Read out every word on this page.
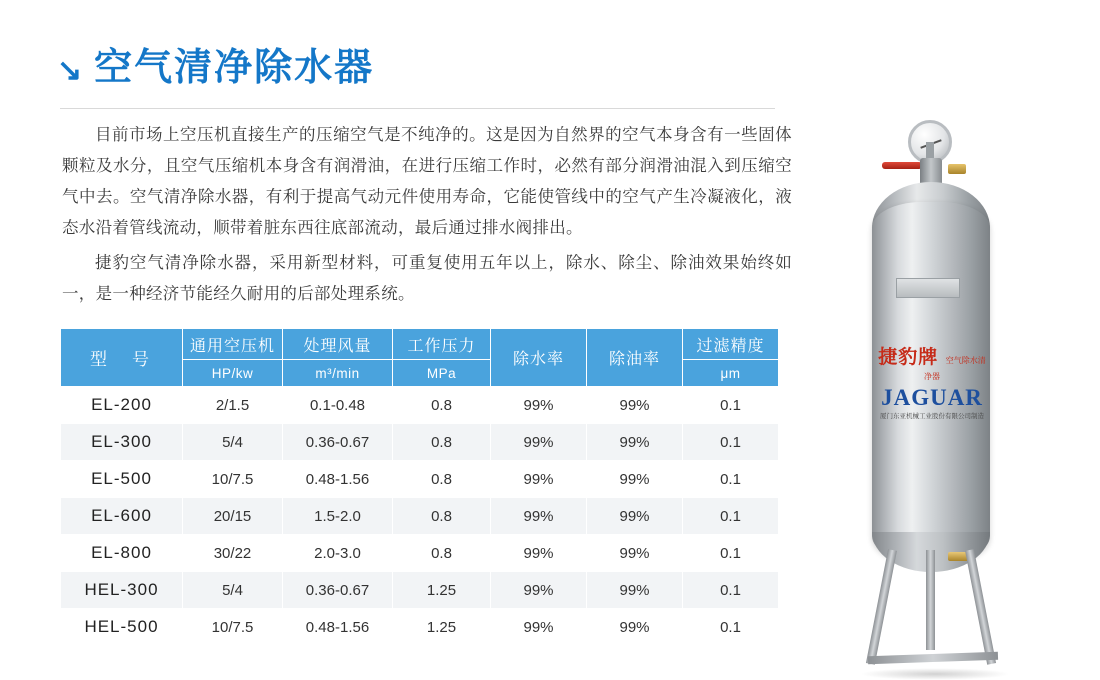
↘ 空气清净除水器

目前市场上空压机直接生产的压缩空气是不纯净的。这是因为自然界的空气本身含有一些固体颗粒及水分，且空气压缩机本身含有润滑油，在进行压缩工作时，必然有部分润滑油混入到压缩空气中去。空气清净除水器，有利于提高气动元件使用寿命，它能使管线中的空气产生冷凝液化，液态水沿着管线流动，顺带着脏东西往底部流动，最后通过排水阀排出。

捷豹空气清净除水器，采用新型材料，可重复使用五年以上，除水、除尘、除油效果始终如一，是一种经济节能经久耐用的后部处理系统。

型　号	通用空压机	处理风量	工作压力	除水率	除油率	过滤精度
	HP/kw	m³/min	MPa			μm
EL-200	2/1.5	0.1-0.48	0.8	99%	99%	0.1
EL-300	5/4	0.36-0.67	0.8	99%	99%	0.1
EL-500	10/7.5	0.48-1.56	0.8	99%	99%	0.1
EL-600	20/15	1.5-2.0	0.8	99%	99%	0.1
EL-800	30/22	2.0-3.0	0.8	99%	99%	0.1
HEL-300	5/4	0.36-0.67	1.25	99%	99%	0.1
HEL-500	10/7.5	0.48-1.56	1.25	99%	99%	0.1
捷豹牌 空气除水清净器
JAGUAR
厦门东亚机械工业股份有限公司制造
